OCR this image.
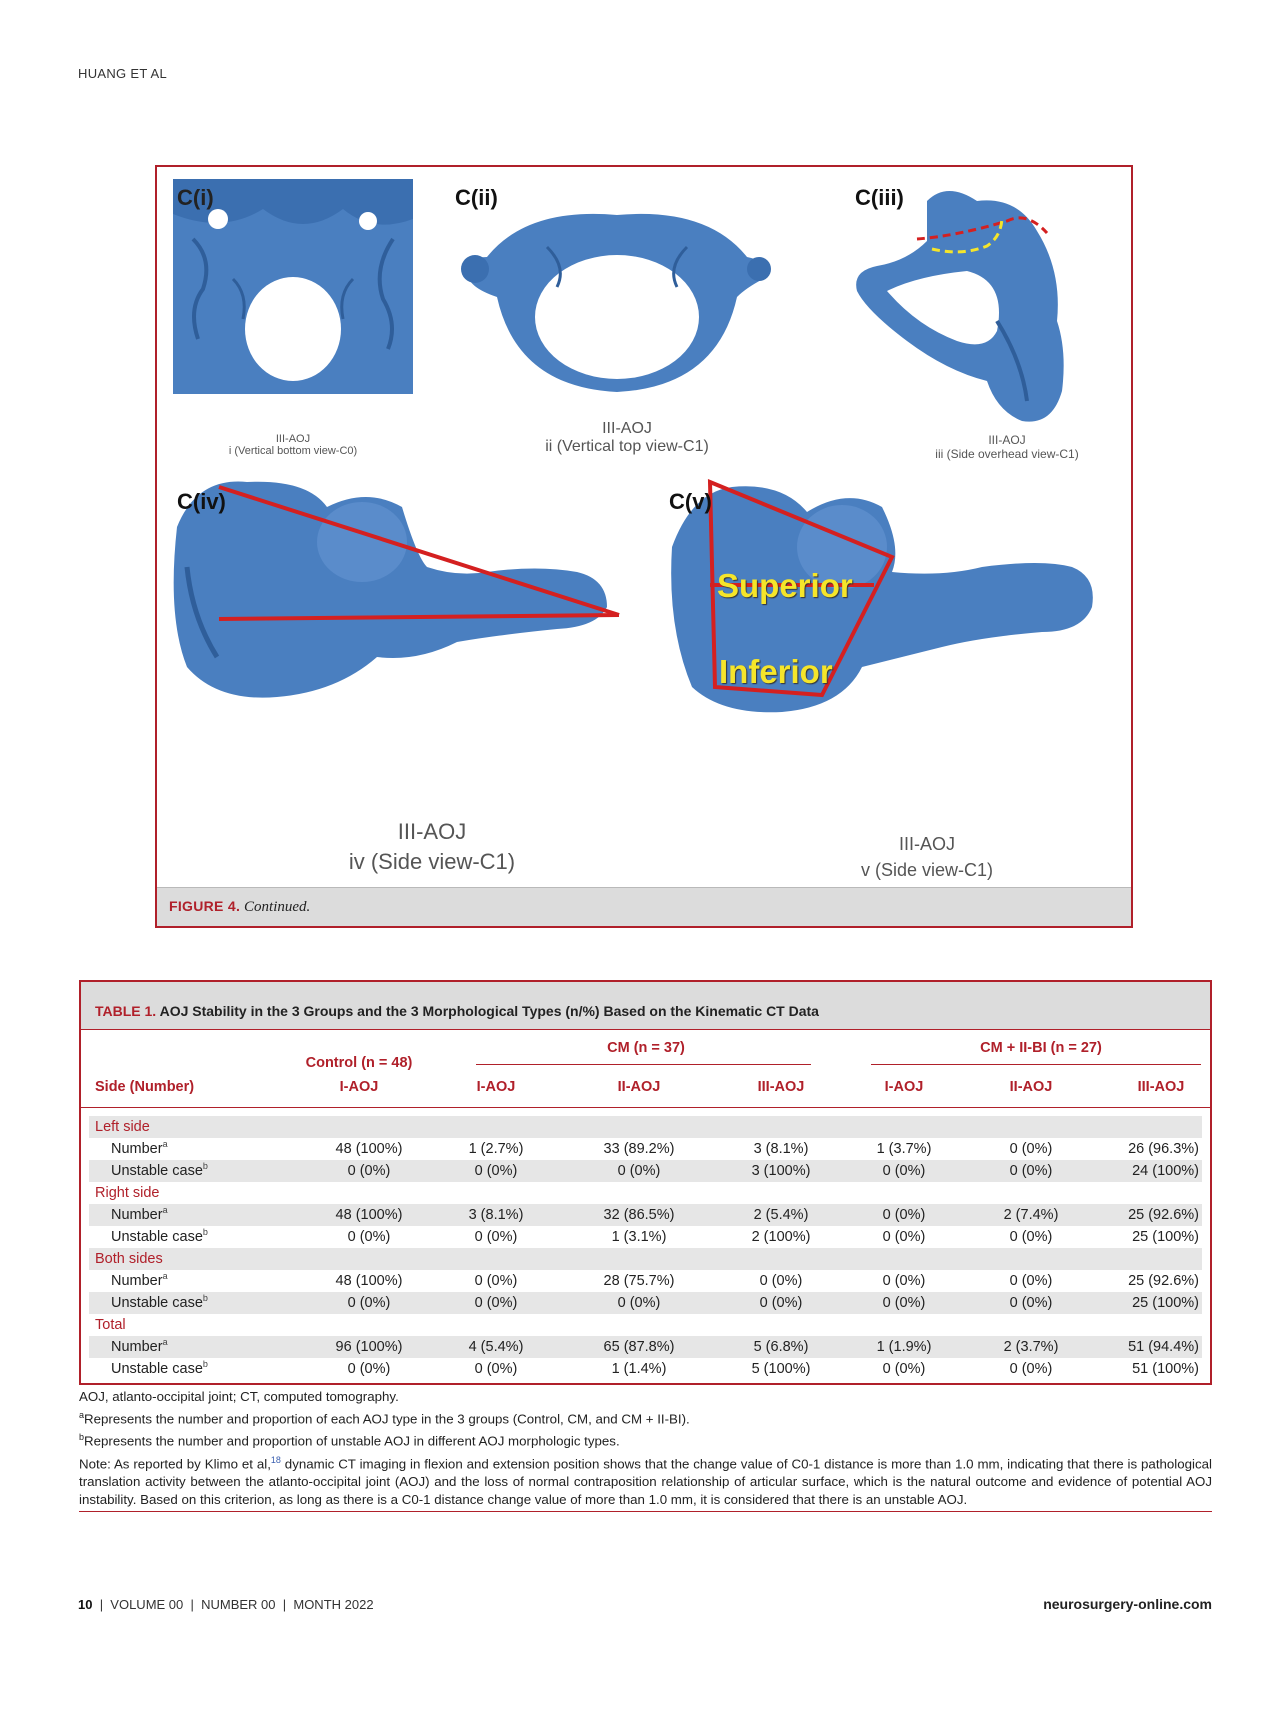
HUANG ET AL
C(i)
III-AOJ
i (Vertical bottom view-C0)
C(ii)
III-AOJ
ii (Vertical top view-C1)
C(iii)
III-AOJ
iii (Side overhead view-C1)
C(iv)
III-AOJ
iv (Side view-C1)
C(v)
Superior
Inferior
III-AOJ
v (Side view-C1)
FIGURE 4. Continued.
TABLE 1. AOJ Stability in the 3 Groups and the 3 Morphological Types (n/%) Based on the Kinematic CT Data
Control (n = 48)
CM (n = 37)	CM + II-BI (n = 27)
Side (Number)	I-AOJ	I-AOJ	II-AOJ	III-AOJ	I-AOJ	II-AOJ	III-AOJ
Left side
Number$^a$	48 (100%)	1 (2.7%)	33 (89.2%)	3 (8.1%)	1 (3.7%)	0 (0%)	26 (96.3%)
Unstable case$^b$	0 (0%)	0 (0%)	0 (0%)	3 (100%)	0 (0%)	0 (0%)	24 (100%)
Right side
Number$^a$	48 (100%)	3 (8.1%)	32 (86.5%)	2 (5.4%)	0 (0%)	2 (7.4%)	25 (92.6%)
Unstable case$^b$	0 (0%)	0 (0%)	1 (3.1%)	2 (100%)	0 (0%)	0 (0%)	25 (100%)
Both sides
Number$^a$	48 (100%)	0 (0%)	28 (75.7%)	0 (0%)	0 (0%)	0 (0%)	25 (92.6%)
Unstable case$^b$	0 (0%)	0 (0%)	0 (0%)	0 (0%)	0 (0%)	0 (0%)	25 (100%)
Total
Number$^a$	96 (100%)	4 (5.4%)	65 (87.8%)	5 (6.8%)	1 (1.9%)	2 (3.7%)	51 (94.4%)
Unstable case$^b$	0 (0%)	0 (0%)	1 (1.4%)	5 (100%)	0 (0%)	0 (0%)	51 (100%)

AOJ, atlanto-occipital joint; CT, computed tomography.

$^a$Represents the number and proportion of each AOJ type in the 3 groups (Control, CM, and CM + II-BI).

$^b$Represents the number and proportion of unstable AOJ in different AOJ morphologic types.

Note: As reported by Klimo et al,$^{18}$ dynamic CT imaging in flexion and extension position shows that the change value of C0-1 distance is more than 1.0 mm, indicating that there is pathological translation activity between the atlanto-occipital joint (AOJ) and the loss of normal contraposition relationship of articular surface, which is the natural outcome and evidence of potential AOJ instability. Based on this criterion, as long as there is a C0-1 distance change value of more than 1.0 mm, it is considered that there is an unstable AOJ.

10  |  VOLUME 00  |  NUMBER 00  |  MONTH 2022	neurosurgery-online.com
